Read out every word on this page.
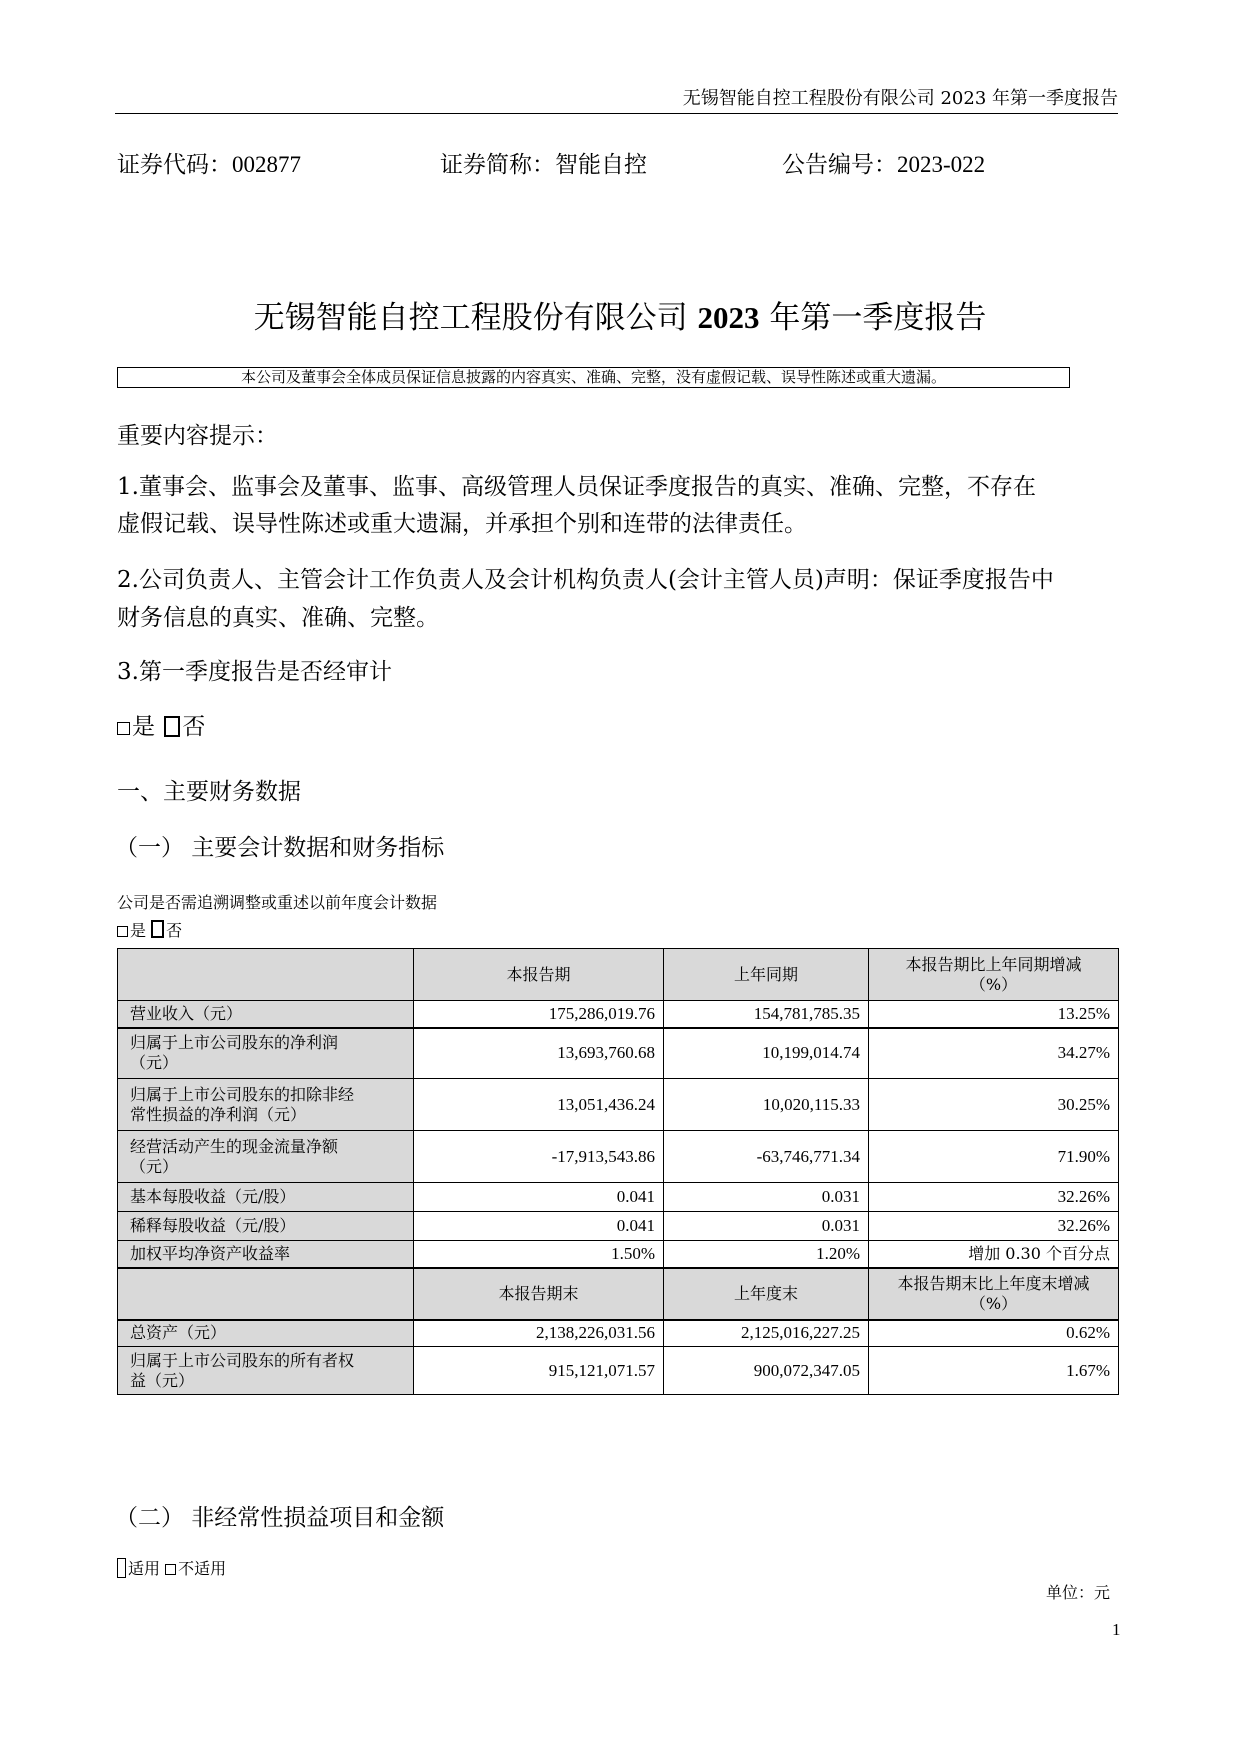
无锡智能自控工程股份有限公司 2023 年第一季度报告
证券代码：002877	证券简称：智能自控	公告编号：2023-022
无锡智能自控工程股份有限公司 2023 年第一季度报告
本公司及董事会全体成员保证信息披露的内容真实、准确、完整，没有虚假记载、误导性陈述或重大遗漏。
重要内容提示：
1.董事会、监事会及董事、监事、高级管理人员保证季度报告的真实、准确、完整，不存在
虚假记载、误导性陈述或重大遗漏，并承担个别和连带的法律责任。
2.公司负责人、主管会计工作负责人及会计机构负责人(会计主管人员)声明：保证季度报告中
财务信息的真实、准确、完整。
3.第一季度报告是否经审计
是 否
一、主要财务数据
（一） 主要会计数据和财务指标
公司是否需追溯调整或重述以前年度会计数据
是 否
	本报告期	上年同期	本报告期比上年同期增减
（%）

营业收入（元）	175,286,019.76	154,781,785.35	13.25%

归属于上市公司股东的净利润
（元）	13,693,760.68	10,199,014.74	34.27%

归属于上市公司股东的扣除非经
常性损益的净利润（元）	13,051,436.24	10,020,115.33	30.25%

经营活动产生的现金流量净额
（元）	-17,913,543.86	-63,746,771.34	71.90%
基本每股收益（元/股）	0.041	0.031	32.26%
稀释每股收益（元/股）	0.041	0.031	32.26%
加权平均净资产收益率	1.50%	1.20%	增加 0.30 个百分点
	本报告期末	上年度末	本报告期末比上年度末增减
（%）

总资产（元）	2,138,226,031.56	2,125,016,227.25	0.62%

归属于上市公司股东的所有者权
益（元）	915,121,071.57	900,072,347.05	1.67%
（二） 非经常性损益项目和金额
适用 不适用
单位：元
1
